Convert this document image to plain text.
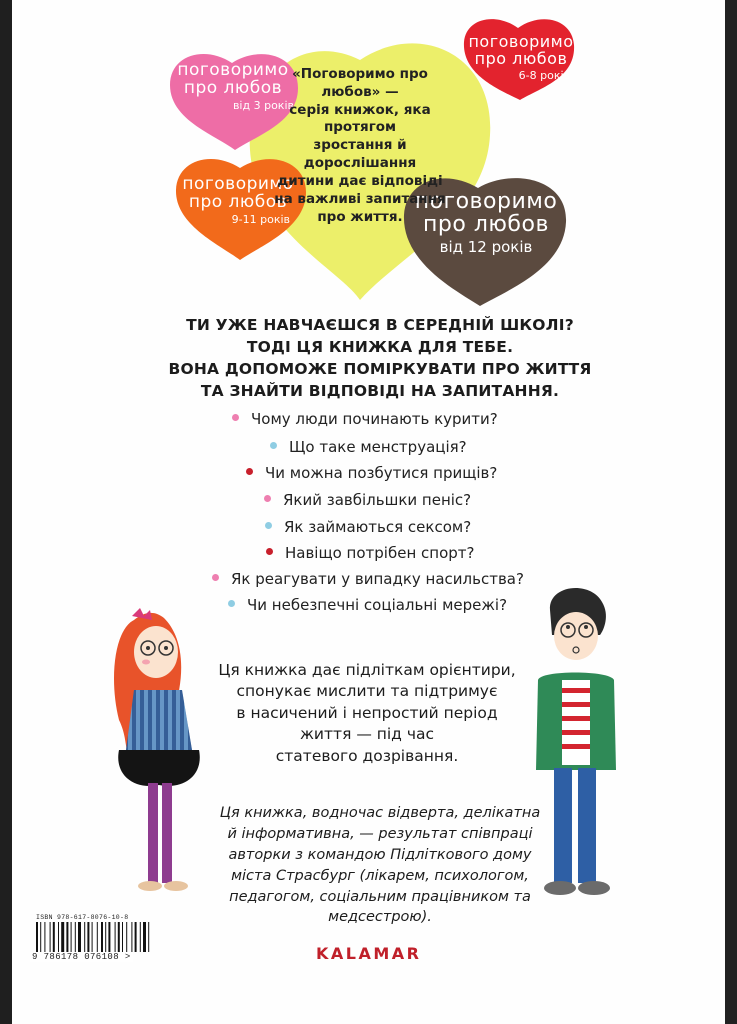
поговоримо про любов
від 3 років
поговоримо про любов
6-8 років
поговоримо про любов
9-11 років
поговоримо про любов
від 12 років
«Поговоримо про любов» —
серія книжок, яка протягом
зростання й дорослішання
дитини дає відповіді
на важливі запитання
про життя.
ТИ УЖЕ НАВЧАЄШСЯ В СЕРЕДНІЙ ШКОЛІ?
ТОДІ ЦЯ КНИЖКА ДЛЯ ТЕБЕ.
ВОНА ДОПОМОЖЕ ПОМІРКУВАТИ ПРО ЖИТТЯ
ТА ЗНАЙТИ ВІДПОВІДІ НА ЗАПИТАННЯ.
Чому люди починають курити?
Що таке менструація?
Чи можна позбутися прищів?
Який завбільшки пеніс?
Як займаються сексом?
Навіщо потрібен спорт?
Як реагувати у випадку насильства?
Чи небезпечні соціальні мережі?
Ця книжка дає підліткам орієнтири,
спонукає мислити та підтримує
в насичений і непростий період
життя — під час
статевого дозрівання.
Ця книжка, водночас відверта, делікатна
й інформативна, — результат співпраці
авторки з командою Підліткового дому
міста Страсбург (лікарем, психологом,
педагогом, соціальним працівником та
медсестрою).
ISBN 978-617-8076-10-8
9 786178 076108 >	KALAMAR
